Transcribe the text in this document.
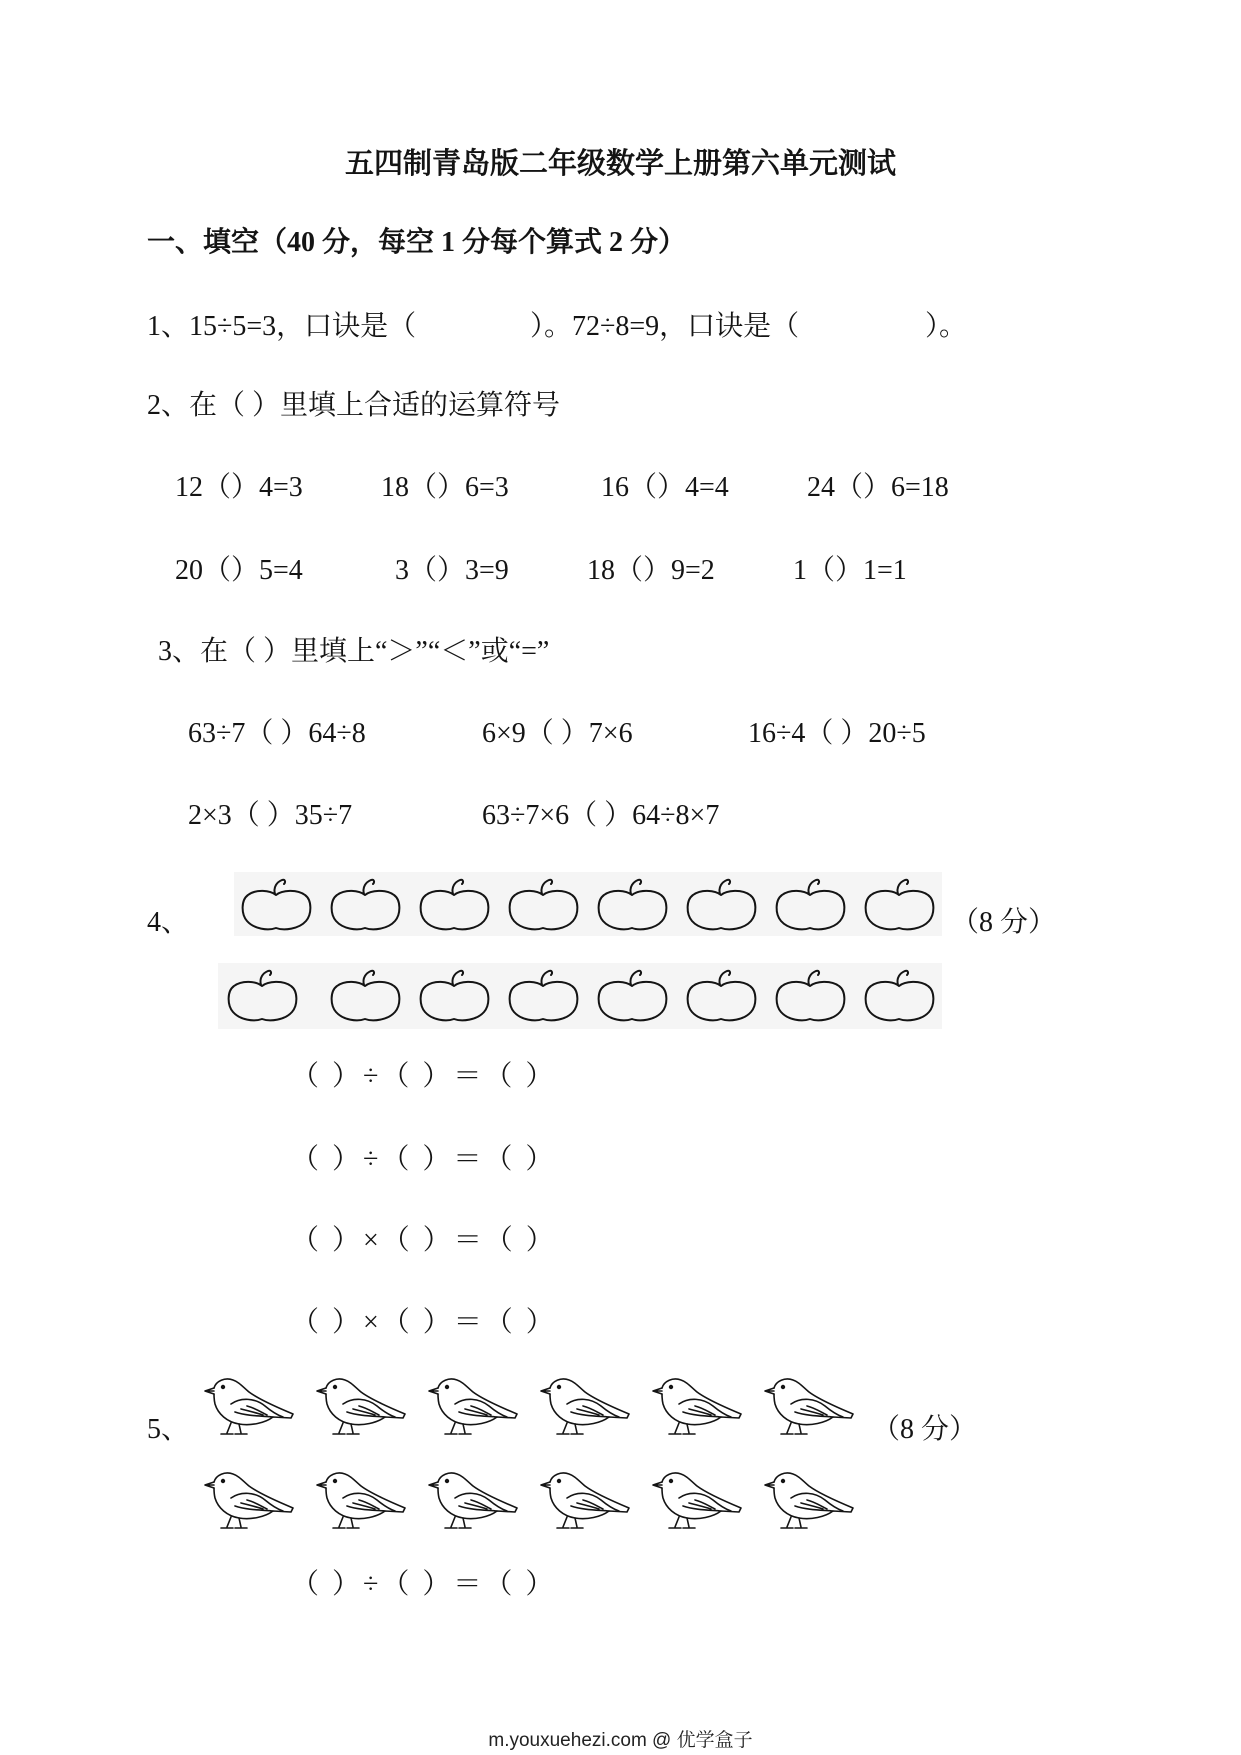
五四制青岛版二年级数学上册第六单元测试
一、填空（40 分，每空 1 分每个算式 2 分）
1、15÷5=3，口诀是（	）。72÷8=9，口诀是（	）。
2、在（ ）里填上合适的运算符号
12（）4=3	18（）6=3	16（）4=4	24（）6=18
20（）5=4	3（）3=9	18（）9=2	1（）1=1
3、在（ ）里填上“＞”“＜”或“=”
63÷7（ ）64÷8	6×9（ ）7×6	16÷4（ ）20÷5
2×3（ ）35÷7	63÷7×6（ ）64÷8×7
4、	（8 分）
（ ）÷（ ）＝（ ）
（ ）÷（ ）＝（ ）
（ ）×（ ）＝（ ）
（ ）×（ ）＝（ ）
5、	（8 分）
（ ）÷（ ）＝（ ）
m.youxuehezi.com @ 优学盒子
